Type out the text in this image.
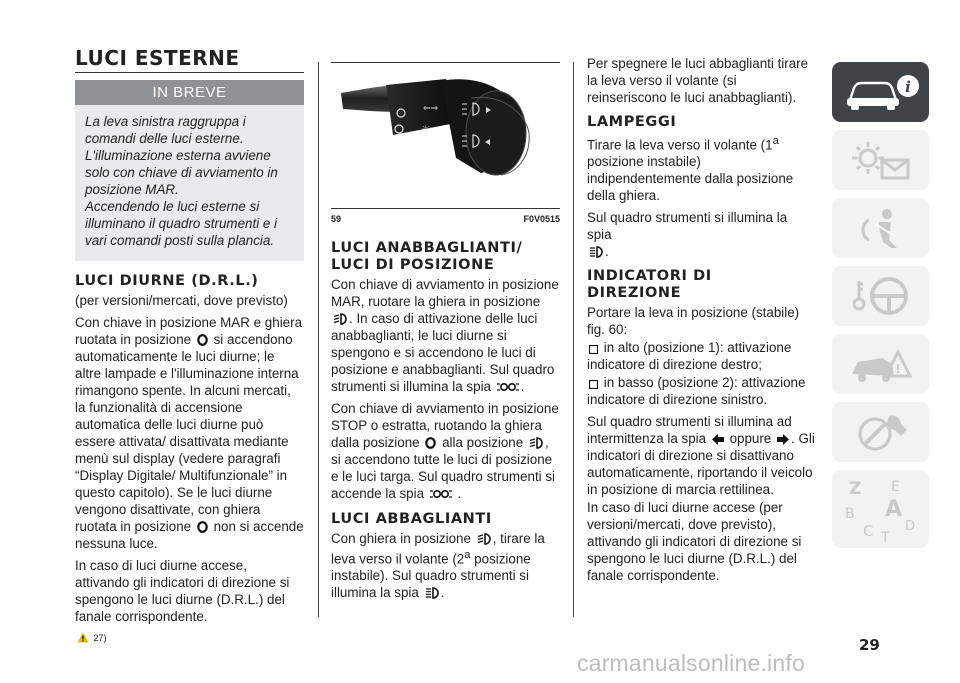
LUCI ESTERNE
IN BREVE

La leva sinistra raggruppa i comandi delle luci esterne.

L'illuminazione esterna avviene solo con chiave di avviamento in posizione MAR.

Accendendo le luci esterne si illuminano il quadro strumenti e i vari comandi posti sulla plancia.

LUCI DIURNE (D.R.L.)

(per versioni/mercati, dove previsto)

Con chiave in posizione MAR e ghiera ruotata in posizione si accendono automaticamente le luci diurne; le altre lampade e l'illuminazione interna rimangono spente. In alcuni mercati, la funzionalità di accensione automatica delle luci diurne può essere attivata/ disattivata mediante menù sul display (vedere paragrafi “Display Digitale/ Multifunzionale” in questo capitolo). Se le luci diurne vengono disattivate, con ghiera ruotata in posizione non si accende nessuna luce.

In caso di luci diurne accese, attivando gli indicatori di direzione si spengono le luci diurne (D.R.L.) del fanale corrispondente.

27)
⇐⇒
☼
59	F0V0515
LUCI ANABBAGLIANTI/
LUCI DI POSIZIONE

Con chiave di avviamento in posizione MAR, ruotare la ghiera in posizione . In caso di attivazione delle luci anabbaglianti, le luci diurne si spengono e si accendono le luci di posizione e anabbaglianti. Sul quadro strumenti si illumina la spia .

Con chiave di avviamento in posizione STOP o estratta, ruotando la ghiera dalla posizione alla posizione , si accendono tutte le luci di posizione e le luci targa. Sul quadro strumenti si accende la spia .

LUCI ABBAGLIANTI

Con ghiera in posizione , tirare la leva verso il volante (2$^a$ posizione instabile). Sul quadro strumenti si illumina la spia .

Per spegnere le luci abbaglianti tirare la leva verso il volante (si reinseriscono le luci anabbaglianti).

LAMPEGGI

Tirare la leva verso il volante (1$^a$ posizione instabile) indipendentemente dalla posizione della ghiera.

Sul quadro strumenti si illumina la spia
.

INDICATORI DI
DIREZIONE

Portare la leva in posizione (stabile) fig. 60:

in alto (posizione 1): attivazione indicatore di direzione destro;

in basso (posizione 2): attivazione indicatore di direzione sinistro.

Sul quadro strumenti si illumina ad intermittenza la spia oppure . Gli indicatori di direzione si disattivano automaticamente, riportando il veicolo in posizione di marcia rettilinea.

In caso di luci diurne accese (per versioni/mercati, dove previsto), attivando gli indicatori di direzione si spengono le luci diurne (D.R.L.) del fanale corrispondente.

i
!
Z E
B A
C D
T
29
carmanualsonline.info
